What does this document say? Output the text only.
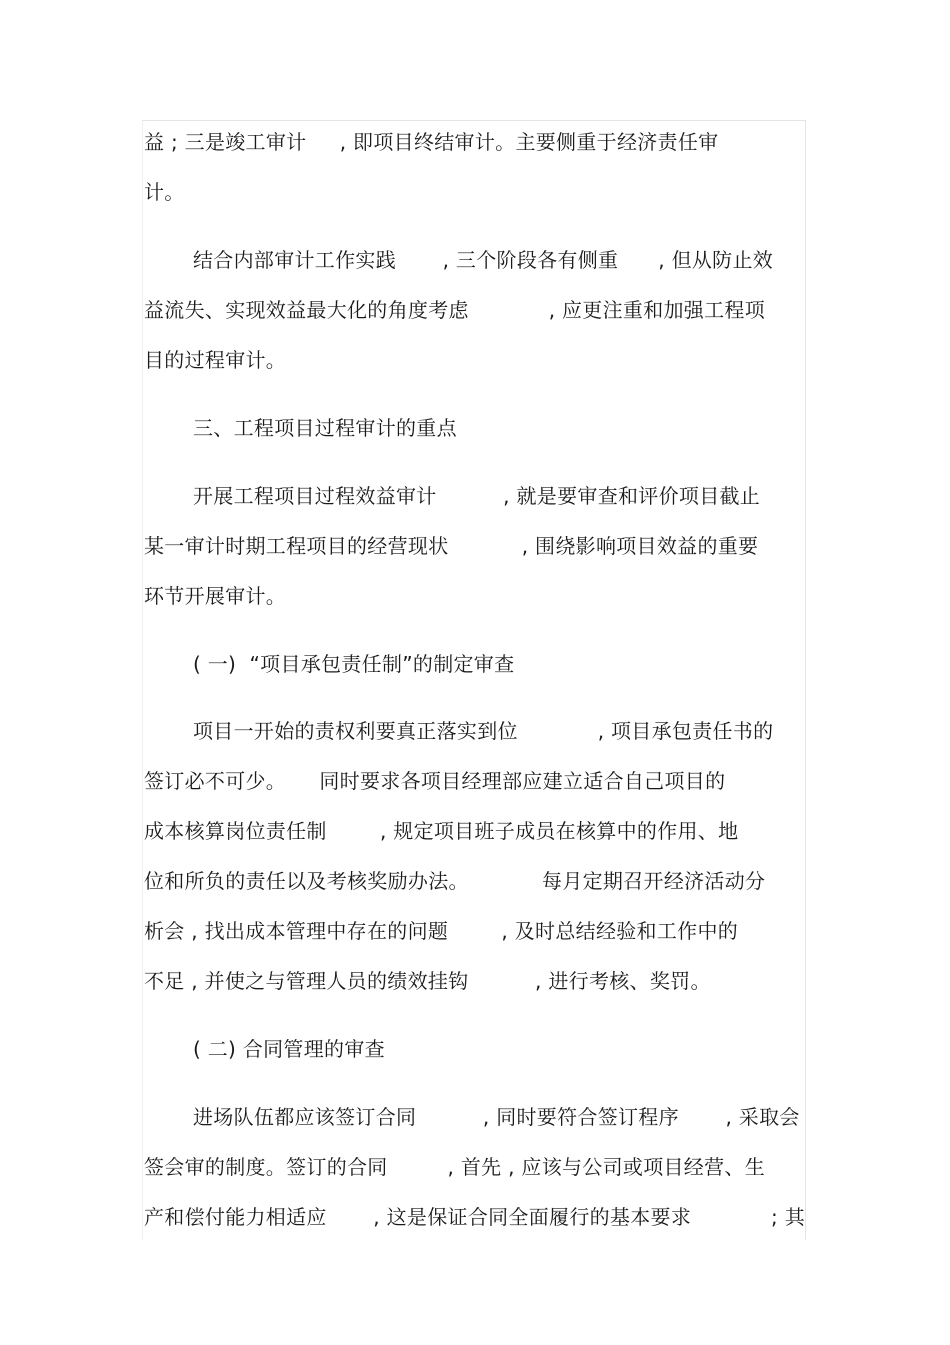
益 ; 三是竣工审计     , 即项目终结审计。主要侧重于经济责任审
计。
结合内部审计工作实践       , 三个阶段各有侧重      , 但从防止效
益流失、实现效益最大化的角度考虑            , 应更注重和加强工程项
目的过程审计。
三、工程项目过程审计的重点
开展工程项目过程效益审计          , 就是要审查和评价项目截止
某一审计时期工程项目的经营现状           , 围绕影响项目效益的重要
环节开展审计。
( 一)  “项目承包责任制”的制定审查
项目一开始的责权利要真正落实到位            , 项目承包责任书的
签订必不可少。     同时要求各项目经理部应建立适合自己项目的
成本核算岗位责任制        , 规定项目班子成员在核算中的作用、地
位和所负的责任以及考核奖励办法。           每月定期召开经济活动分
析会 , 找出成本管理中存在的问题        , 及时总结经验和工作中的
不足 , 并使之与管理人员的绩效挂钩          , 进行考核、奖罚。
( 二) 合同管理的审查
进场队伍都应该签订合同          , 同时要符合签订程序       , 采取会
签会审的制度。签订的合同         , 首先 , 应该与公司或项目经营、生
产和偿付能力相适应       , 这是保证合同全面履行的基本要求            ; 其
